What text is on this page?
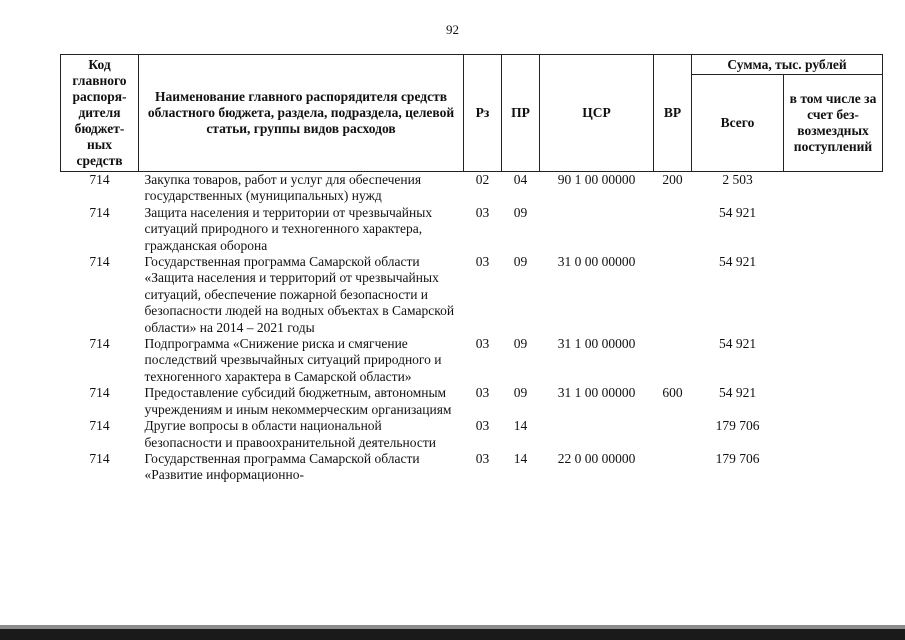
92
Код главного распоря-дителя бюджет-ных средств	Наименование главного распорядителя средств областного бюджета, раздела, подраздела, целевой статьи, группы видов расходов	Рз	ПР	ЦСР	ВР	Сумма, тыс. рублей	
						Всего	в том числе за счет без-возмездных поступлений
714	Закупка товаров, работ и услуг для обеспечения государственных (муниципальных) нужд	02	04	90 1 00 00000	200	2 503	
714	Защита населения и территории от чрезвычайных ситуаций природного и техногенного характера, гражданская оборона	03	09			54 921	
714	Государственная программа Самарской области «Защита населения и территорий от чрезвычайных ситуаций, обеспечение пожарной безопасности и безопасности людей на водных объектах в Самарской области» на 2014 – 2021 годы	03	09	31 0 00 00000		54 921	
714	Подпрограмма «Снижение риска и смягчение последствий чрезвычайных ситуаций природного и техногенного характера в Самарской области»	03	09	31 1 00 00000		54 921	
714	Предоставление субсидий бюджетным, автономным учреждениям и иным некоммерческим организациям	03	09	31 1 00 00000	600	54 921	
714	Другие вопросы в области национальной безопасности и правоохранительной деятельности	03	14			179 706	
714	Государственная программа Самарской области «Развитие информационно-	03	14	22 0 00 00000		179 706	
